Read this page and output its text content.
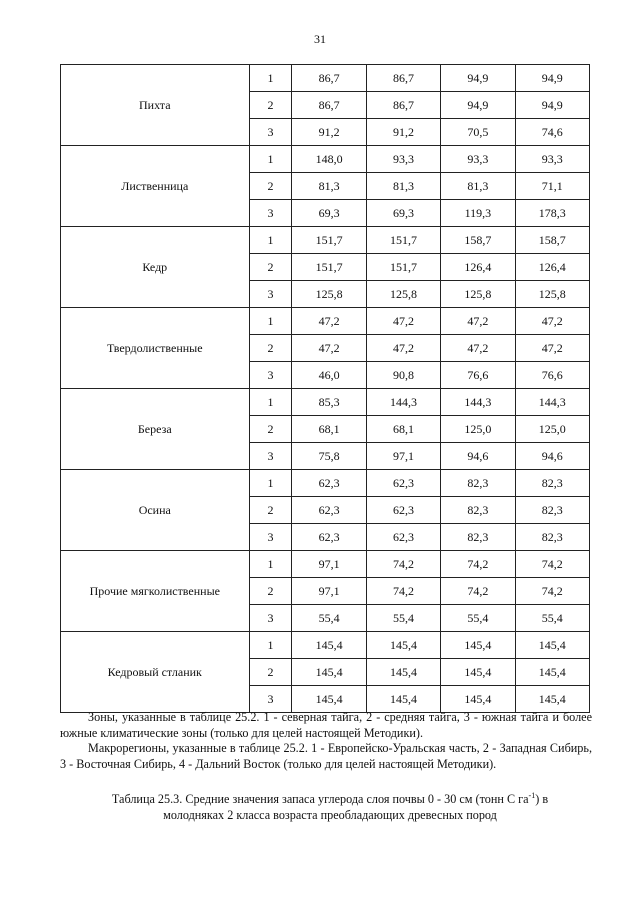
31
Пихта	1	86,7	86,7	94,9	94,9
	2	86,7	86,7	94,9	94,9
	3	91,2	91,2	70,5	74,6
Лиственница	1	148,0	93,3	93,3	93,3
	2	81,3	81,3	81,3	71,1
	3	69,3	69,3	119,3	178,3
Кедр	1	151,7	151,7	158,7	158,7
	2	151,7	151,7	126,4	126,4
	3	125,8	125,8	125,8	125,8
Твердолиственные	1	47,2	47,2	47,2	47,2
	2	47,2	47,2	47,2	47,2
	3	46,0	90,8	76,6	76,6
Береза	1	85,3	144,3	144,3	144,3
	2	68,1	68,1	125,0	125,0
	3	75,8	97,1	94,6	94,6
Осина	1	62,3	62,3	82,3	82,3
	2	62,3	62,3	82,3	82,3
	3	62,3	62,3	82,3	82,3
Прочие мягколиственные	1	97,1	74,2	74,2	74,2
	2	97,1	74,2	74,2	74,2
	3	55,4	55,4	55,4	55,4
Кедровый стланик	1	145,4	145,4	145,4	145,4
	2	145,4	145,4	145,4	145,4
	3	145,4	145,4	145,4	145,4

Зоны, указанные в таблице 25.2. 1 - северная тайга, 2 - средняя тайга, 3 - южная тайга и более южные климатические зоны (только для целей настоящей Методики).

Макрорегионы, указанные в таблице 25.2. 1 - Европейско-Уральская часть, 2 - Западная Сибирь, 3 - Восточная Сибирь, 4 - Дальний Восток (только для целей настоящей Методики).

Таблица 25.3. Средние значения запаса углерода слоя почвы 0 - 30 см (тонн С $га^{-1}$) в
молодняках 2 класса возраста преобладающих древесных пород
